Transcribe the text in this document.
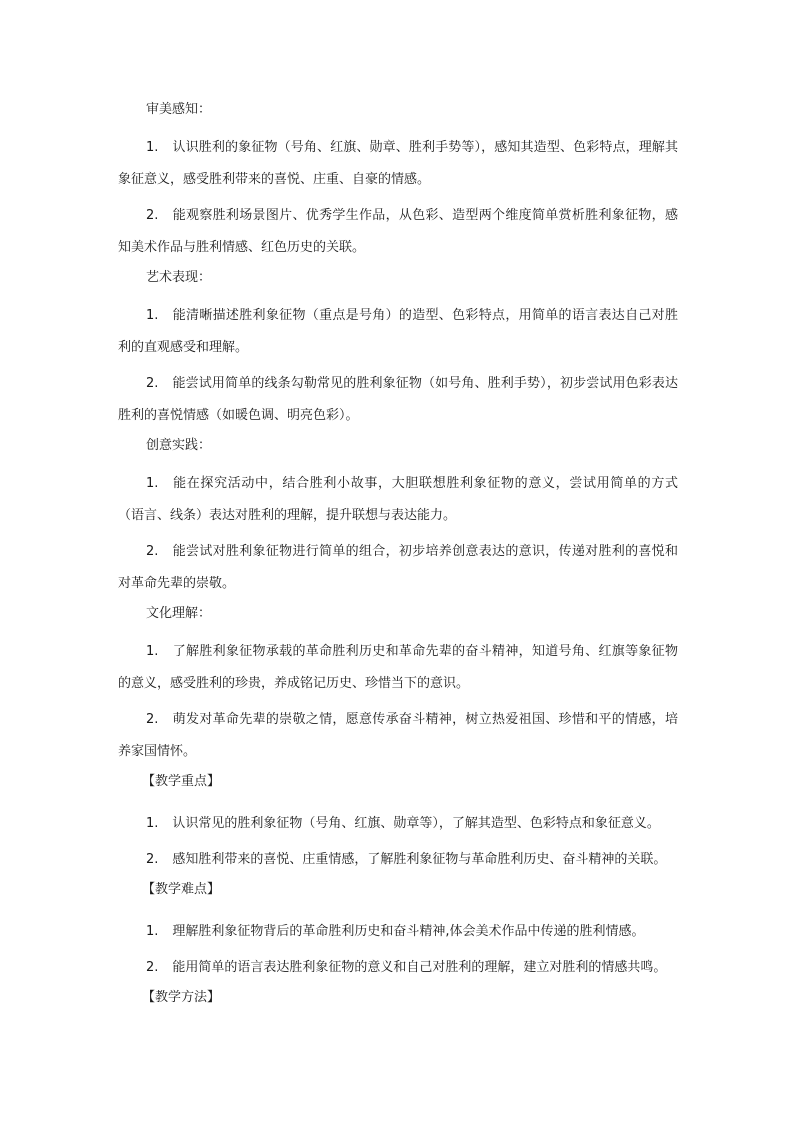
审美感知：

1. 认识胜利的象征物（号角、红旗、勋章、胜利手势等），感知其造型、色彩特点，理解其象征意义，感受胜利带来的喜悦、庄重、自豪的情感。

2. 能观察胜利场景图片、优秀学生作品，从色彩、造型两个维度简单赏析胜利象征物，感知美术作品与胜利情感、红色历史的关联。

艺术表现：

1. 能清晰描述胜利象征物（重点是号角）的造型、色彩特点，用简单的语言表达自己对胜利的直观感受和理解。

2. 能尝试用简单的线条勾勒常见的胜利象征物（如号角、胜利手势），初步尝试用色彩表达胜利的喜悦情感（如暖色调、明亮色彩）。

创意实践：

1. 能在探究活动中，结合胜利小故事，大胆联想胜利象征物的意义，尝试用简单的方式（语言、线条）表达对胜利的理解，提升联想与表达能力。

2. 能尝试对胜利象征物进行简单的组合，初步培养创意表达的意识，传递对胜利的喜悦和对革命先辈的崇敬。

文化理解：

1. 了解胜利象征物承载的革命胜利历史和革命先辈的奋斗精神，知道号角、红旗等象征物的意义，感受胜利的珍贵，养成铭记历史、珍惜当下的意识。

2. 萌发对革命先辈的崇敬之情，愿意传承奋斗精神，树立热爱祖国、珍惜和平的情感，培养家国情怀。

【教学重点】

1. 认识常见的胜利象征物（号角、红旗、勋章等），了解其造型、色彩特点和象征意义。

2. 感知胜利带来的喜悦、庄重情感，了解胜利象征物与革命胜利历史、奋斗精神的关联。

【教学难点】

1. 理解胜利象征物背后的革命胜利历史和奋斗精神,体会美术作品中传递的胜利情感。

2. 能用简单的语言表达胜利象征物的意义和自己对胜利的理解，建立对胜利的情感共鸣。

【教学方法】
